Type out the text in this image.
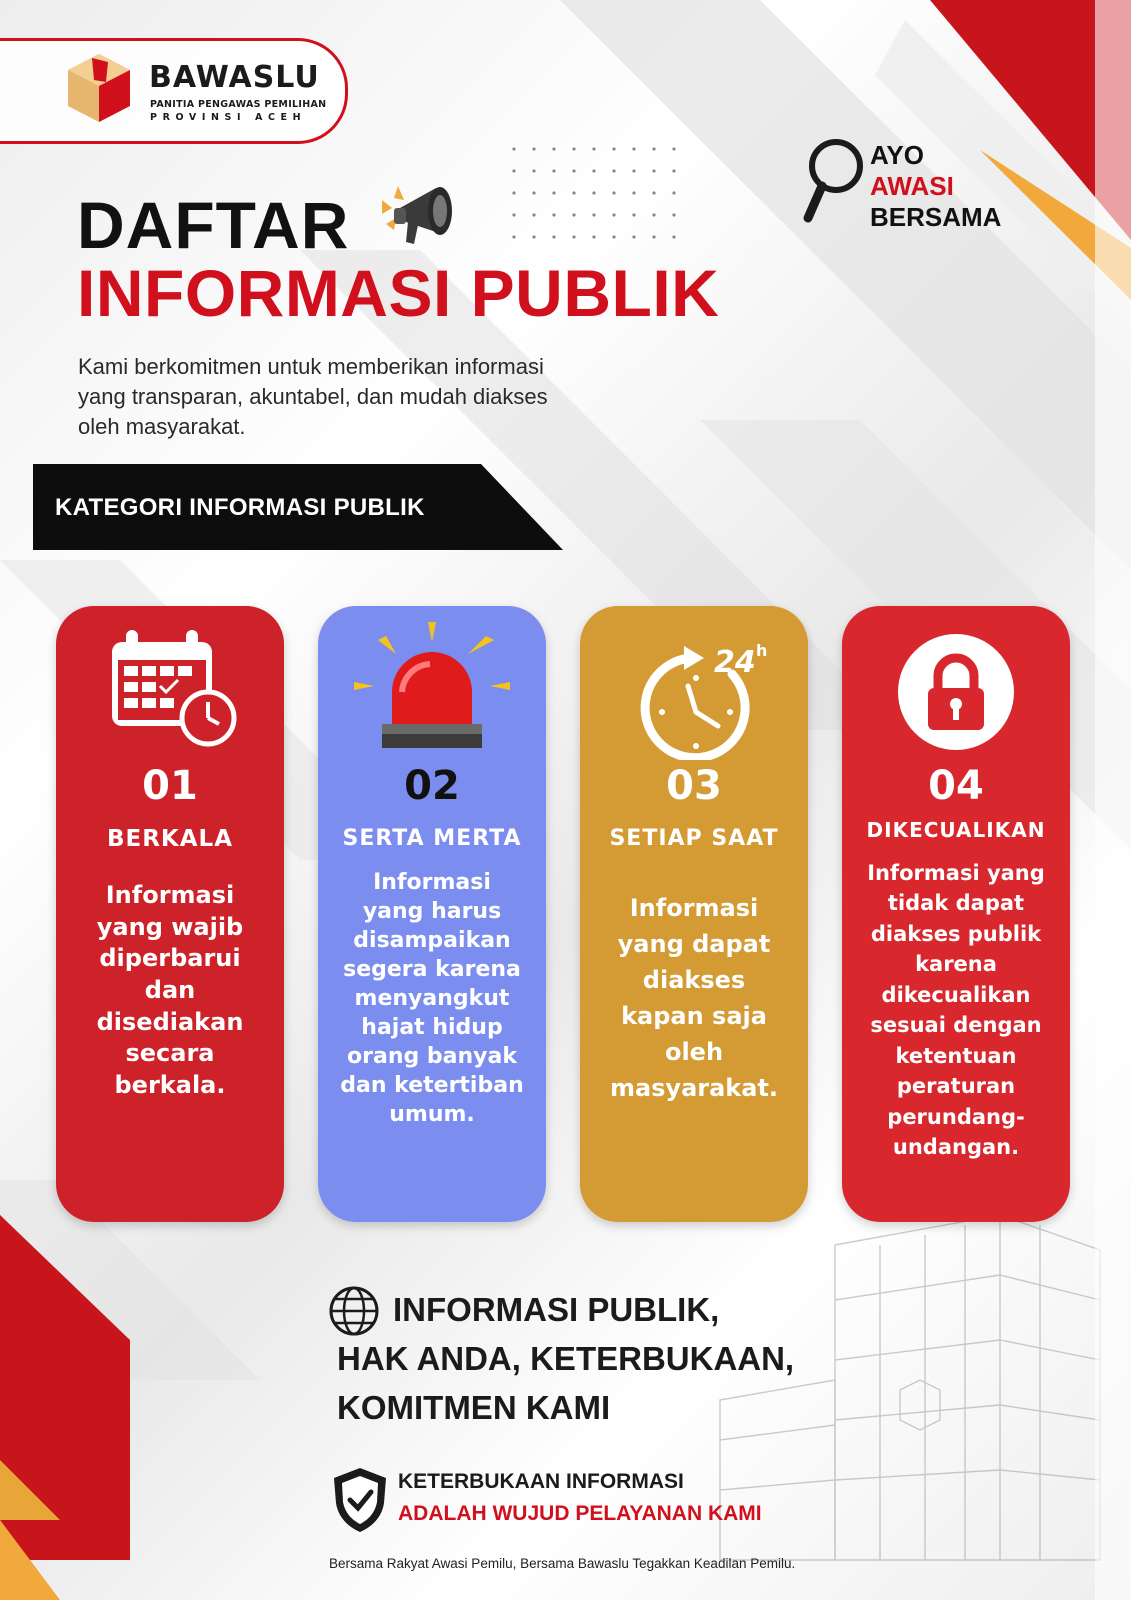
BAWASLU
PANITIA PENGAWAS PEMILIHAN
PROVINSI ACEH
DAFTAR
INFORMASI PUBLIK
AYO
AWASI
BERSAMA
Kami berkomitmen untuk memberikan informasi
yang transparan, akuntabel, dan mudah diakses
oleh masyarakat.
KATEGORI INFORMASI PUBLIK
01
BERKALA
Informasi
yang wajib
diperbarui
dan
disediakan
secara
berkala.
02
SERTA MERTA
Informasi
yang harus
disampaikan
segera karena
menyangkut
hajat hidup
orang banyak
dan ketertiban
umum.
24 h
03
SETIAP SAAT
Informasi
yang dapat
diakses
kapan saja
oleh
masyarakat.
04
DIKECUALIKAN
Informasi yang
tidak dapat
diakses publik
karena
dikecualikan
sesuai dengan
ketentuan
peraturan
perundang-
undangan.
INFORMASI PUBLIK,
HAK ANDA, KETERBUKAAN,
KOMITMEN KAMI
KETERBUKAAN INFORMASI
ADALAH WUJUD PELAYANAN KAMI
Bersama Rakyat Awasi Pemilu, Bersama Bawaslu Tegakkan Keadilan Pemilu.
